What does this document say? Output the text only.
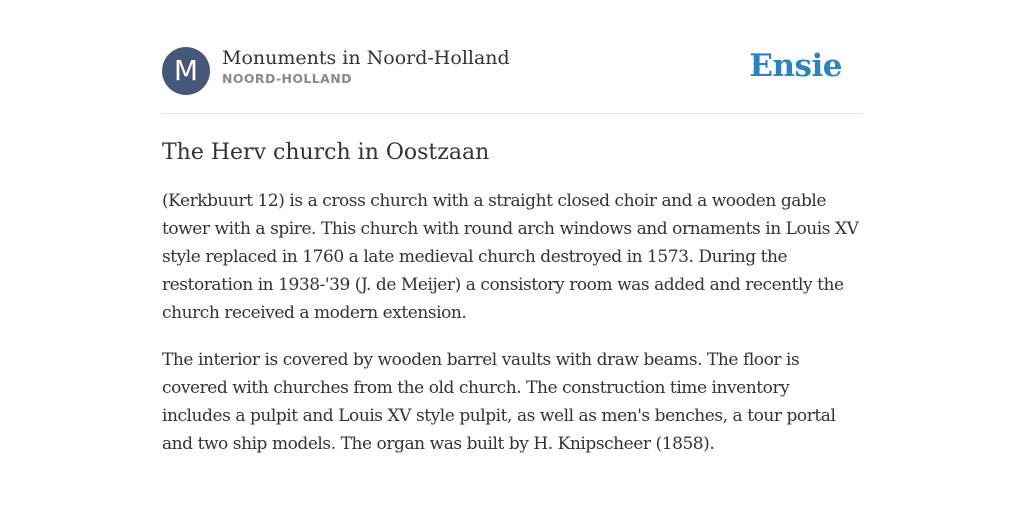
M	Monuments in Noord-Holland
NOORD-HOLLAND	Ensie
The Herv church in Oostzaan

(Kerkbuurt 12) is a cross church with a straight closed choir and a wooden gable tower with a spire. This church with round arch windows and ornaments in Louis XV style replaced in 1760 a late medieval church destroyed in 1573. During the restoration in 1938-'39 (J. de Meijer) a consistory room was added and recently the church received a modern extension.

The interior is covered by wooden barrel vaults with draw beams. The floor is covered with churches from the old church. The construction time inventory includes a pulpit and Louis XV style pulpit, as well as men's benches, a tour portal and two ship models. The organ was built by H. Knipscheer (1858).
